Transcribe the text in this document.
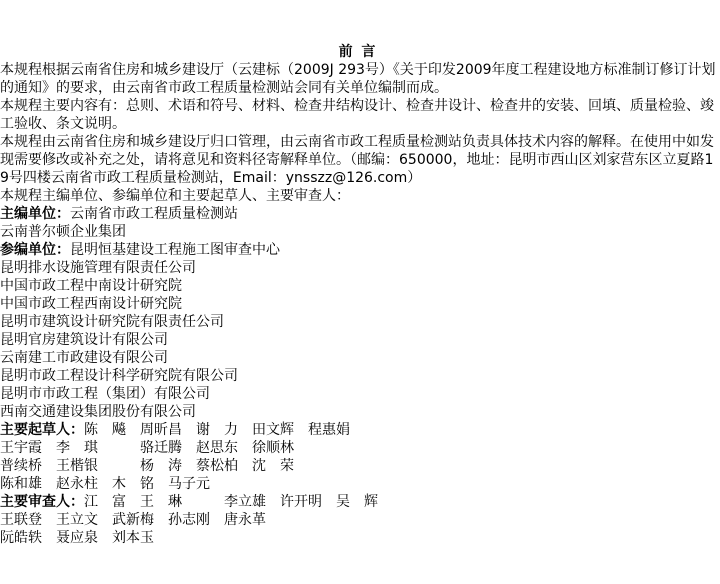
前 言
本规程根据云南省住房和城乡建设厅（云建标（2009J 293号）《关于印发2009年度工程建设地方标准制订修订计划的通知》的要求，由云南省市政工程质量检测站会同有关单位编制而成。
本规程主要内容有：总则、术语和符号、材料、检查井结构设计、检查井设计、检查井的安装、回填、质量检验、竣工验收、条文说明。
本规程由云南省住房和城乡建设厅归口管理，由云南省市政工程质量检测站负责具体技术内容的解释。在使用中如发现需要修改或补充之处，请将意见和资料径寄解释单位。（邮编：650000，地址：昆明市西山区刘家营东区立夏路19号四楼云南省市政工程质量检测站，Email：ynsszz@126.com）
本规程主编单位、参编单位和主要起草人、主要审查人：
主编单位：云南省市政工程质量检测站
云南普尔顿企业集团
参编单位：昆明恒基建设工程施工图审查中心
昆明排水设施管理有限责任公司
中国市政工程中南设计研究院
中国市政工程西南设计研究院
昆明市建筑设计研究院有限责任公司
昆明官房建筑设计有限公司
云南建工市政建设有限公司
昆明市政工程设计科学研究院有限公司
昆明市市政工程（集团）有限公司
西南交通建设集团股份有限公司
主要起草人：陈　飚　周昕昌　谢　力　田文辉　程惠娟
王宇霞　李　琪　　　骆迁腾　赵思东　徐顺林
普续桥　王楷银　　　杨　涛　蔡松柏　沈　荣
陈和雄　赵永柱　木　铭　马子元
主要审查人：江　富　王　琳　　　李立雄　许开明　吴　辉
王联登　王立文　武新梅　孙志刚　唐永革
阮皓轶　聂应泉　刘本玉
